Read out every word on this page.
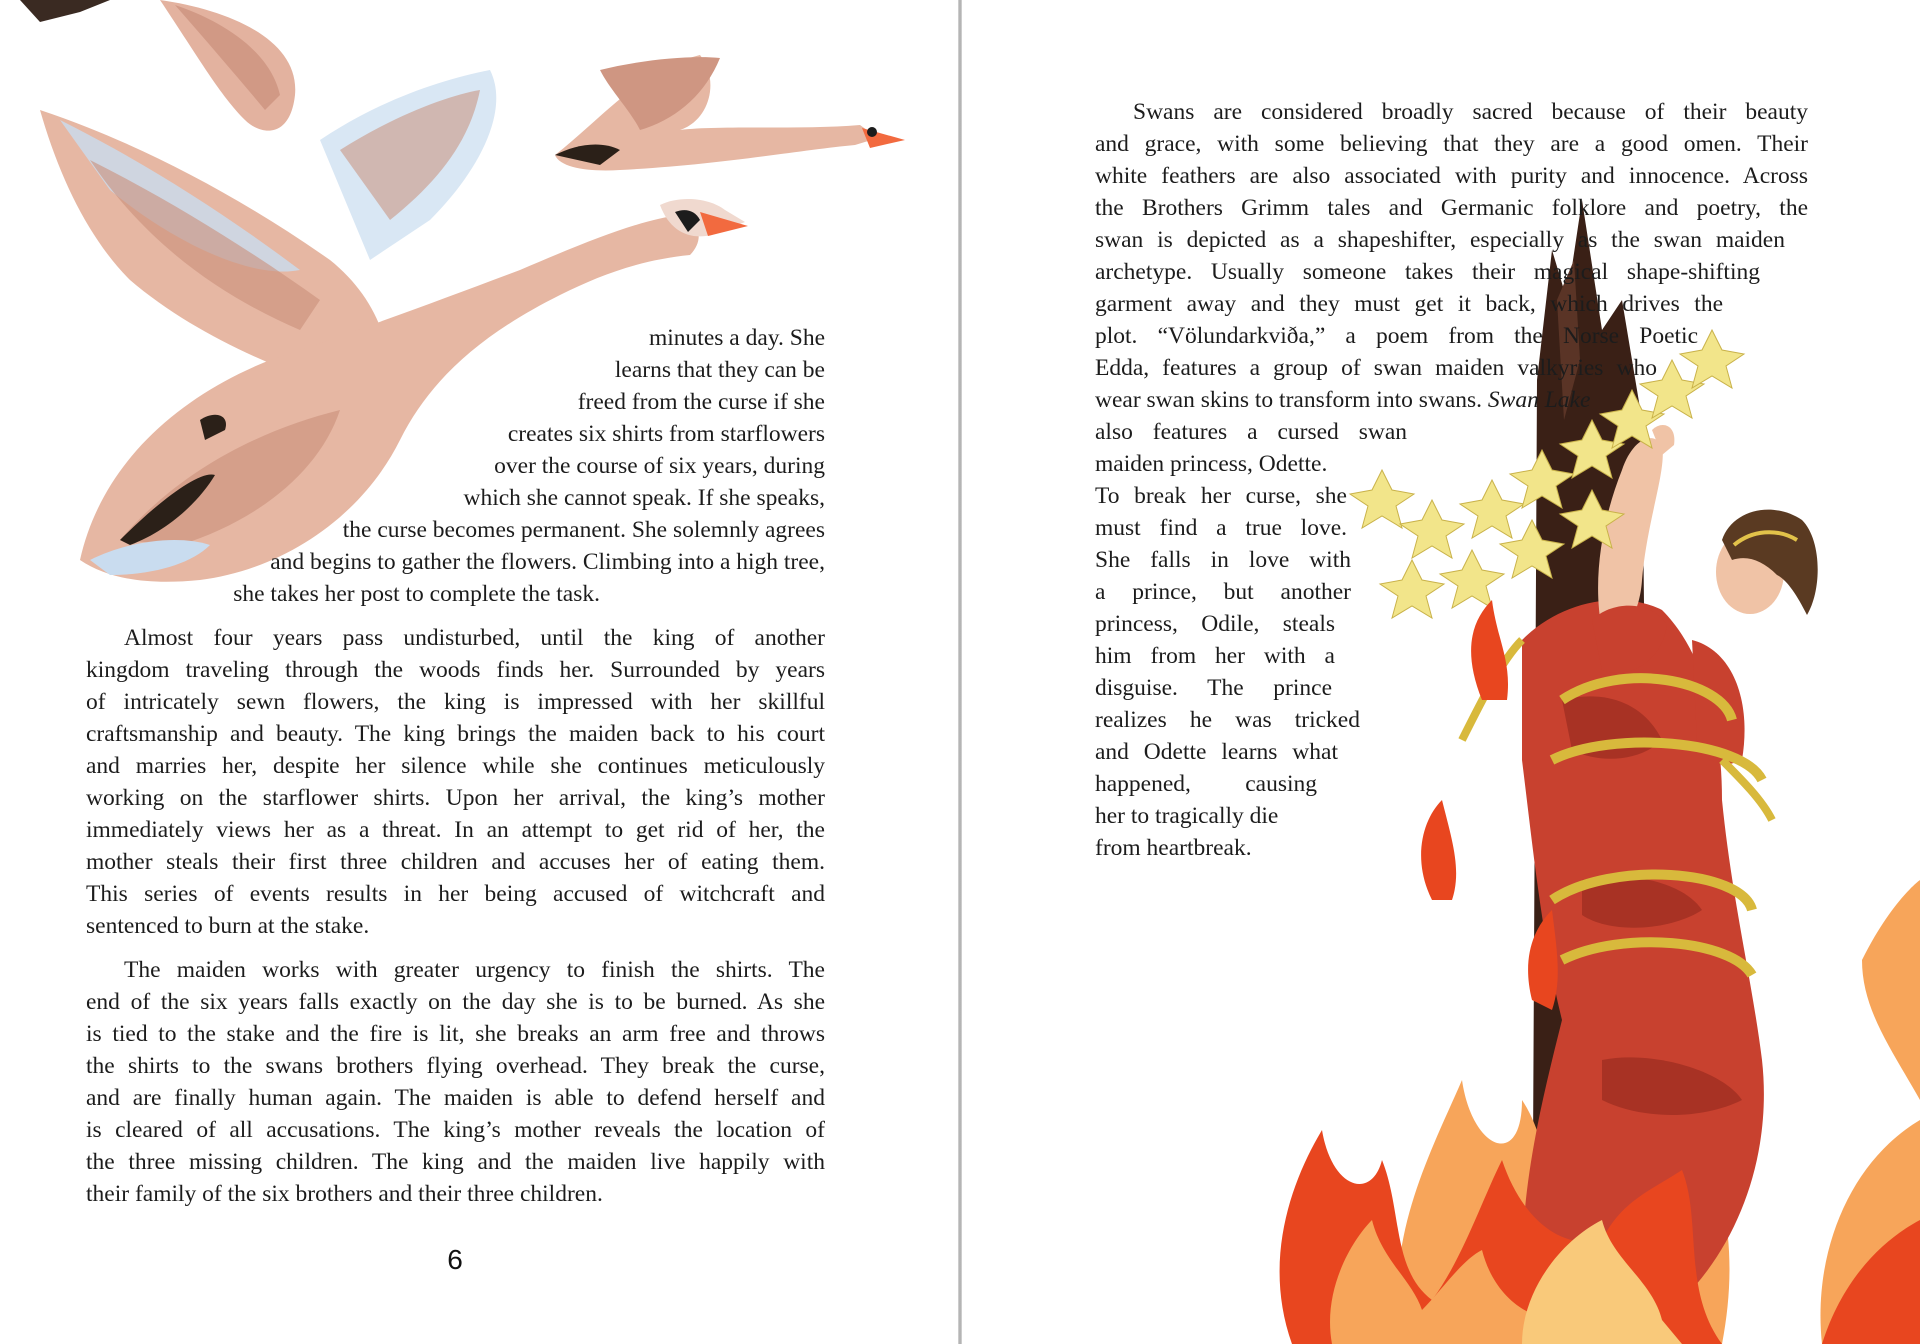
minutes a day. She

learns that they can be

freed from the curse if she

creates six shirts from starflowers

over the course of six years, during

which she cannot speak. If she speaks,

the curse becomes permanent. She solemnly agrees

and begins to gather the flowers. Climbing into a high tree,

she takes her post to complete the task.

Almost four years pass undisturbed, until the king of another
kingdom traveling through the woods finds her. Surrounded by years
of intricately sewn flowers, the king is impressed with her skillful
craftsmanship and beauty. The king brings the maiden back to his court
and marries her, despite her silence while she continues meticulously
working on the starflower shirts. Upon her arrival, the king’s mother
immediately views her as a threat. In an attempt to get rid of her, the
mother steals their first three children and accuses her of eating them.
This series of events results in her being accused of witchcraft and
sentenced to burn at the stake.
The maiden works with greater urgency to finish the shirts. The
end of the six years falls exactly on the day she is to be burned. As she
is tied to the stake and the fire is lit, she breaks an arm free and throws
the shirts to the swans brothers flying overhead. They break the curse,
and are finally human again. The maiden is able to defend herself and
is cleared of all accusations. The king’s mother reveals the location of
the three missing children. The king and the maiden live happily with
their family of the six brothers and their three children.
6
Swans are considered broadly sacred because of their beauty
and grace, with some believing that they are a good omen. Their
white feathers are also associated with purity and innocence. Across
the Brothers Grimm tales and Germanic folklore and poetry, the
swan is depicted as a shapeshifter, especially as the swan maiden
archetype. Usually someone takes their magical shape-shifting
garment away and they must get it back, which drives the
plot. “Völundarkviða,” a poem from the Norse Poetic
Edda, features a group of swan maiden valkyries who
wear swan skins to transform into swans. Swan Lake
also features a cursed swan
maiden princess, Odette.
To break her curse, she
must find a true love.
She falls in love with
a prince, but another
princess, Odile, steals
him from her with a
disguise. The prince
realizes he was tricked
and Odette learns what
happened, causing
her to tragically die
from heartbreak.
